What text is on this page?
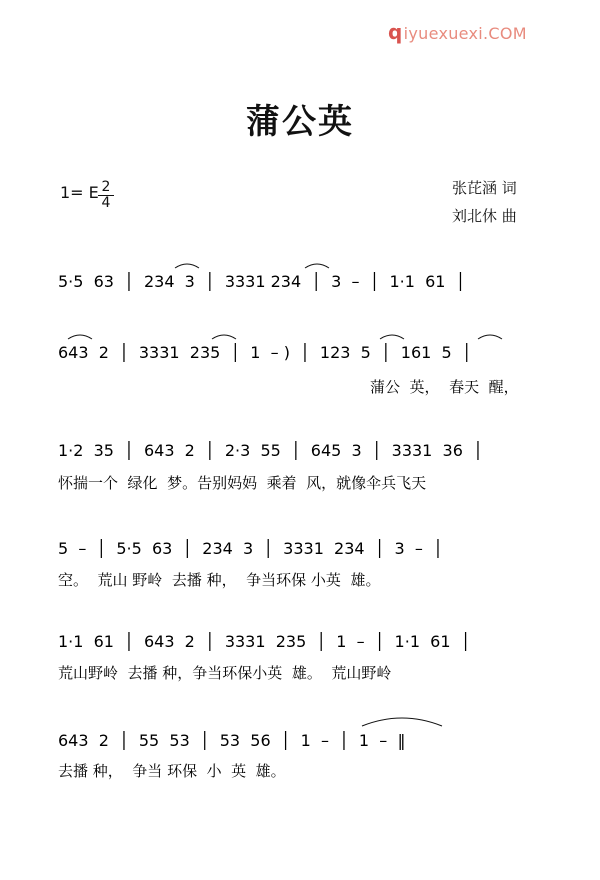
qiyuexuexi.COM
蒲公英
1= E 2
4
张芘涵 词
刘北休 曲
5·5  63  │  234  3  │  3331 234  │  3  –  │  1·1  61  │
643  2  │  3331  235  │  1  – )  │  123  5  │  161  5  │
蒲公  英，  春天  醒，
1·2  35  │  643  2  │  2·3  55  │  645  3  │  3331  36  │
怀揣一个  绿化  梦。告别妈妈  乘着  风，就像伞兵飞天
5  –  │  5·5  63  │  234  3  │  3331  234  │  3  –  │
空。  荒山 野岭  去播 种，  争当环保 小英  雄。
1·1  61  │  643  2  │  3331  235  │  1  –  │  1·1  61  │
荒山野岭  去播 种，争当环保小英  雄。  荒山野岭
643  2  │  55  53  │  53  56  │  1  –  │  1  –  ‖
去播 种，  争当 环保  小  英  雄。
